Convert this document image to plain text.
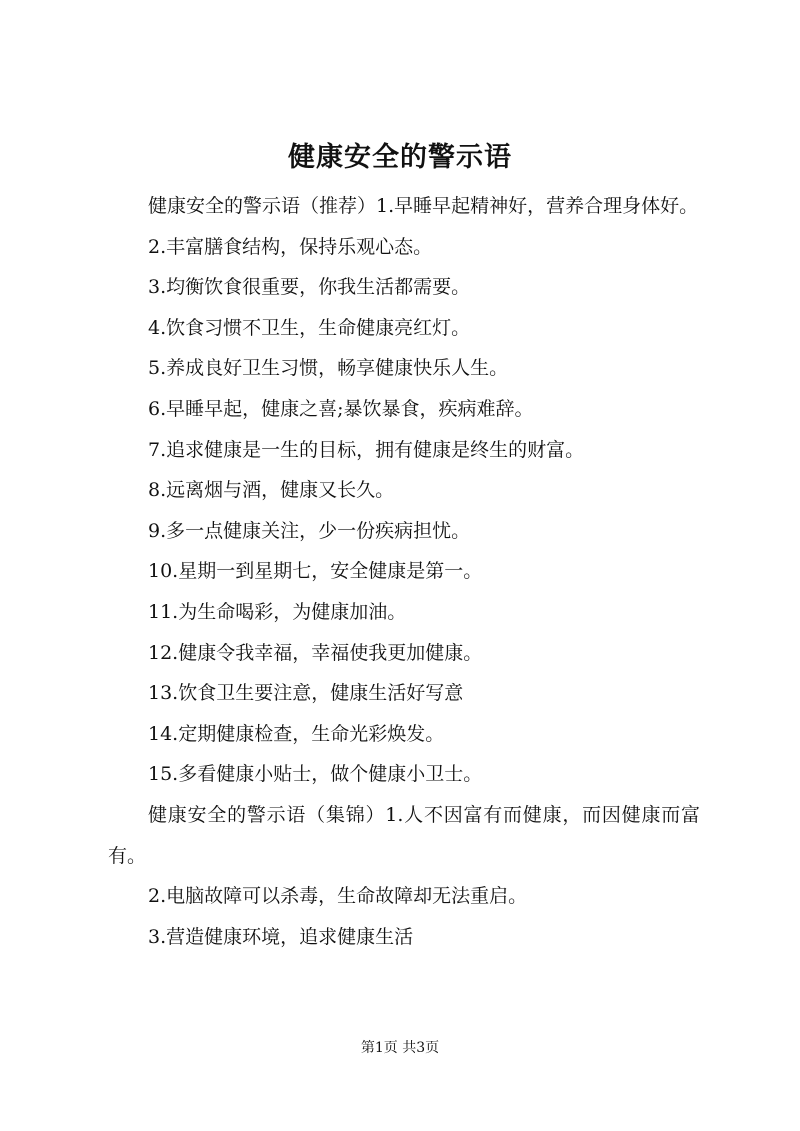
健康安全的警示语

健康安全的警示语（推荐）1.早睡早起精神好，营养合理身体好。

2.丰富膳食结构，保持乐观心态。

3.均衡饮食很重要，你我生活都需要。

4.饮食习惯不卫生，生命健康亮红灯。

5.养成良好卫生习惯，畅享健康快乐人生。

6.早睡早起，健康之喜;暴饮暴食，疾病难辞。

7.追求健康是一生的目标，拥有健康是终生的财富。

8.远离烟与酒，健康又长久。

9.多一点健康关注，少一份疾病担忧。

10.星期一到星期七，安全健康是第一。

11.为生命喝彩，为健康加油。

12.健康令我幸福，幸福使我更加健康。

13.饮食卫生要注意，健康生活好写意

14.定期健康检查，生命光彩焕发。

15.多看健康小贴士，做个健康小卫士。

健康安全的警示语（集锦）1.人不因富有而健康，而因健康而富有。

2.电脑故障可以杀毒，生命故障却无法重启。

3.营造健康环境，追求健康生活

第1页 共3页
